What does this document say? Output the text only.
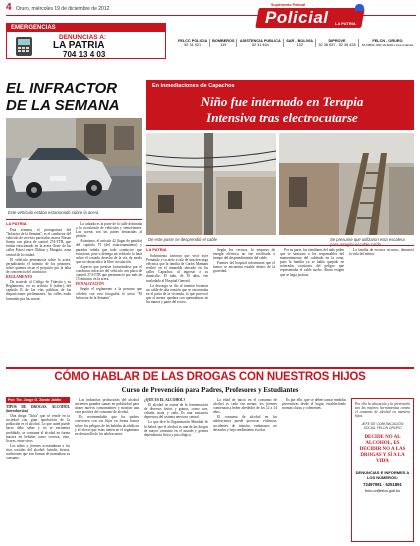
4 Oruro, miércoles 19 de diciembre de 2012
Suplemento Policial
Policial LA PATRIA
EMERGENCIAS
DENUNCIAS A:
LA PATRIA
704 13 4 03
FELCC POLICIA	BOMBEROS	ASISTENCIA PUBLICA	SAR - BOLIVIA	DIPROVE	FELCN - ORURO
52 31 921	119	52 31 464	132	52 36 637 - 52 36 428	52 63809 -800-10-6000 Línea Gratuita
EL INFRACTOR
DE LA SEMANA
Este vehículo estaba estacionado sobre la acera
LA PATRIA

Esta semana, el protagonista del "Infractor de la Semana", es el conductor del vehículo de servicio particular, marca Nissan Sunny con placa de control 274-TTB, que estaba estacionado en la acera Oeste de las calles Potosí entre Oblitas y Murguía, zona central de la ciudad.

El vehículo permanecía sobre la acera, perjudicando el tránsito de los peatones, sobre quienes recae el perjuicio por la falta de conciencia del conductor.

REGLAMENTO

De acuerdo al Código de Tránsito y su Reglamento, en su artículo 6 (saber), del capítulo II de las vías públicas de las disposiciones preliminares, las calles están formadas por las aceras.

La calzada es la parte de la calle destinada a la circulación de vehículos y semovientes. Las aceras son las partes destinadas al peatón.

Asimismo, el artículo 42 (lugar de partida) del capítulo VI (del estacionamiento) y paradas señala que todo conductor que estacione, pare o detenga un vehículo lo hará sobre el costado derecho de la vía, de modo que no obstaculice la libre circulación.

Aspecto que persiste facturándose por el conductor infractor del vehículo con placa de control 274-TTB que permaneció por más de 15 minutos en la acera.

PENALIZACIÓN

Según el reglamento a la persona que celebró con esta fotografía el aviso "El Infractor de la Semana".

En inmediaciones de Capachos
Niño fue internado en Terapia
Intensiva tras electrocutarse
De este poste se desprendió el cable	Se presume que utilizaron esta escalera
LA PATRIA

Sufrimiento tuvieron que vivir ayer Fernando y su nieto a raíz de una descarga eléctrica que la familia de Carlos Mamani recibió en el inmueble ubicado en las calles Capachos, al ingresar a su domicilio. El niño, de 10 años, fue trasladado al Hospital General.

La descarga se dio al intentar levantar un cable de alta tensión que se encontraba en el patio de la vivienda, lo que provocó que el menor quedara con quemaduras en las manos y parte del rostro.

Según los vecinos, la empresa de energía eléctrica no fue notificada a tiempo del desprendimiento del cable.

Fuentes del hospital informaron que el menor se encuentra estable dentro de la gravedad.

Por su parte, los familiares del niño piden que se sancione a los responsables del mantenimiento del cableado en la zona, pues la familia ya se había quejado en reiteradas ocasiones del peligro que representaba el cable suelto. Ahora exigen que se haga justicia.

La familia de escasos recursos, denunció la vida del menor.

CÓMO HABLAR DE LAS DROGAS CON NUESTROS HIJOS
Curso de Prevención para Padres, Profesores y Estudiantes
Por: Tte. Jorge G. Zarate Jaldin

TIPOS DE DROGAS. ALCOHOL (introducción)

Otra droga "lícita" que se vende en la sociedad con gran aprobación de la población es el alcohol. Lo que usted puede hacer debe saber y no se encuentra prohibido, se consume el alcohol en forma masiva en bebidas como cerveza, vino, licores, entre otros.

Los niños y jóvenes acostumbran a los ritos sociales del alcohol: brindis, fiestas, tradiciones que son formas de normalizar su consumo.

Las industrias productoras del alcohol invierten grandes sumas en publicidad para atraer nuevos consumidores y mostrar una cara positiva del consumo de alcohol.

Es recomendable que los padres conversen con sus hijos en forma franca sobre los peligros de las bebidas alcohólicas y el efecto que estas tienen en el organismo en desarrollo de los adolescentes.

¿QUÉ ES EL ALCOHOL?

El alcohol se extrae de la fermentación de diversos frutos y granos, como uva, cebada, maíz y caña. Es una sustancia depresora del sistema nervioso central.

Lo que dice la Organización Mundial de la Salud, que el alcohol es una de las drogas de mayor consumo en el mundo y genera dependencia física y psicológica.

La edad de inicio en el consumo de alcohol es cada vez menor, los jóvenes comienzan a beber alrededor de los 12 a 14 años.

El consumo de alcohol en los adolescentes puede provocar violencia, accidentes de tránsito, embarazos no deseados y bajo rendimiento escolar.

Es por ello, que se deben tomar medidas preventivas desde el hogar, estableciendo normas claras y coherentes.

Por ello la educación y la prevención son las mejores herramientas contra el consumo de alcohol en nuestros hijos.
JEFE DE COMUNICACIÓN
SOCIAL FELCN ORURO
DECIDE NO AL ALCOHOL, ES DECIDIR NO A LAS DROGAS Y SÍ A LA VIDA
DENUNCIAS E INFORMES A LOS NÚMEROS:
72497091 - 5251891
felcn.or@felcn.gob.bo
